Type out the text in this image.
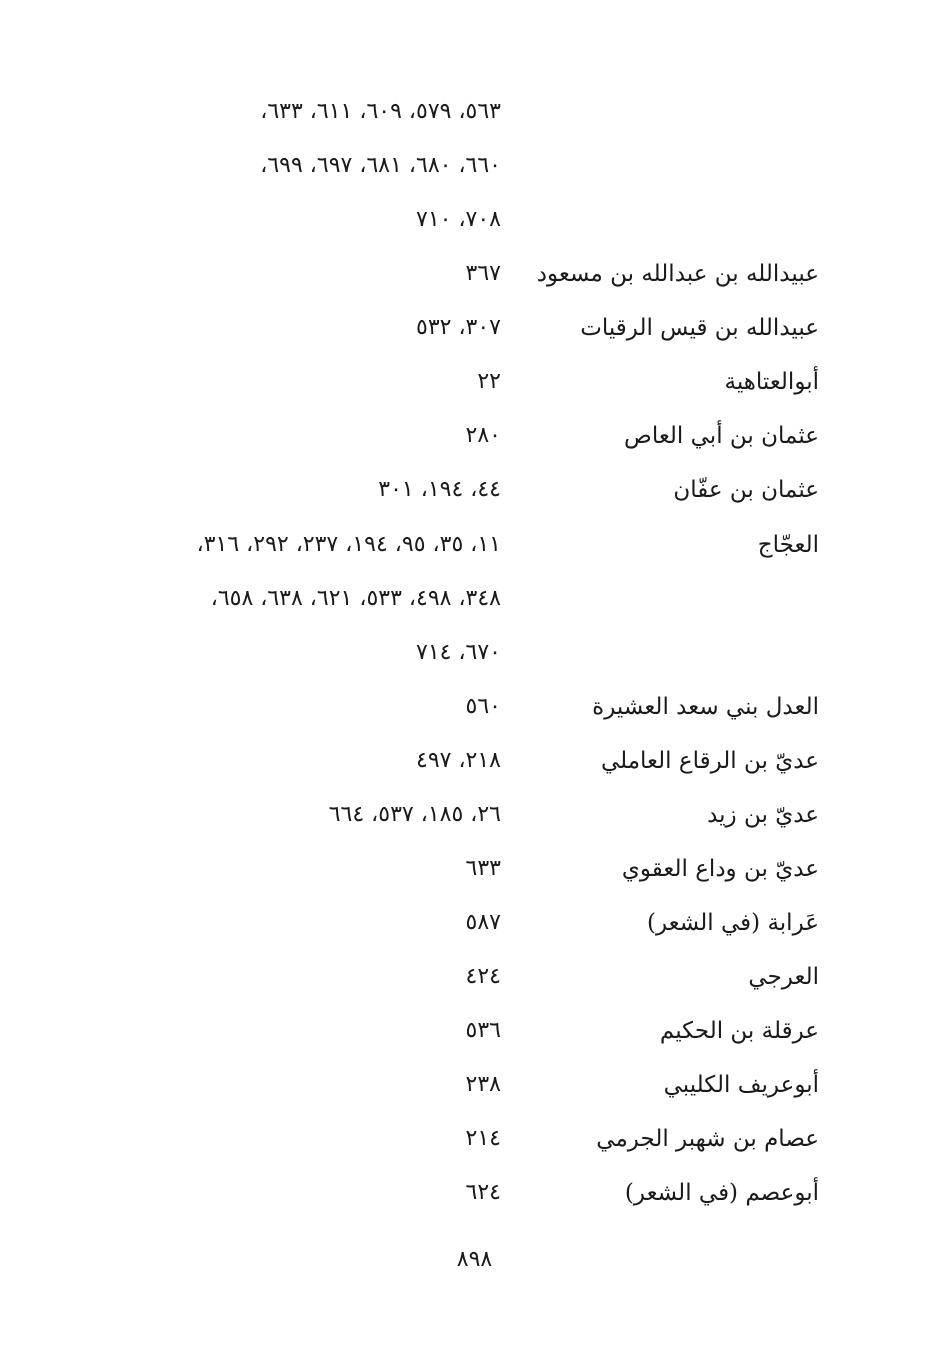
٥٦٣، ٥٧٩، ٦٠٩، ٦١١، ٦٣٣،
٦٦٠، ٦٨٠، ٦٨١، ٦٩٧، ٦٩٩،
٧٠٨، ٧١٠
عبيدالله بن عبدالله بن مسعود
٣٦٧
عبيدالله بن قيس الرقيات
٣٠٧، ٥٣٢
أبوالعتاهية
٢٢
عثمان بن أبي العاص
٢٨٠
عثمان بن عفّان
٤٤، ١٩٤، ٣٠١
العجّاج
١١، ٣٥، ٩٥، ١٩٤، ٢٣٧، ٢٩٢، ٣١٦،
٣٤٨، ٤٩٨، ٥٣٣، ٦٢١، ٦٣٨، ٦٥٨،
٦٧٠، ٧١٤
العدل بني سعد العشيرة
٥٦٠
عديّ بن الرقاع العاملي
٢١٨، ٤٩٧
عديّ بن زيد
٢٦، ١٨٥، ٥٣٧، ٦٦٤
عديّ بن وداع العقوي
٦٣٣
عَرابة (في الشعر)
٥٨٧
العرجي
٤٢٤
عرقلة بن الحكيم
٥٣٦
أبوعريف الكليبي
٢٣٨
عصام بن شهبر الجرمي
٢١٤
أبوعصم (في الشعر)
٦٢٤
٨٩٨
